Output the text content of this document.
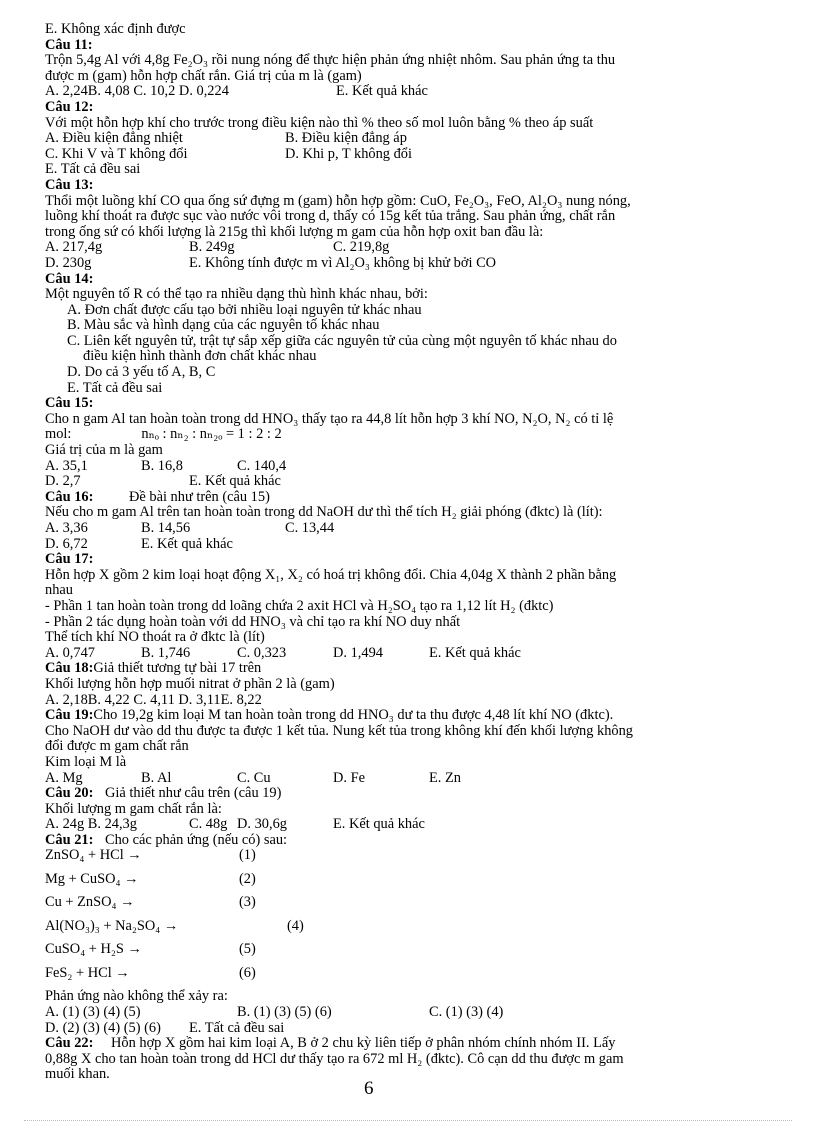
E. Không xác định được
Câu 11:
Trộn 5,4g Al với 4,8g Fe₂O₃ rồi nung nóng để thực hiện phản ứng nhiệt nhôm. Sau phản ứng ta thu
được m (gam) hỗn hợp chất rắn. Giá trị của m là (gam)
A. 2,24B. 4,08 C. 10,2 D. 0,224	E. Kết quả khác
Câu 12:
Với một hỗn hợp khí cho trước trong điều kiện nào thì % theo số mol luôn bằng % theo áp suất
A. Điều kiện đẳng nhiệt	B. Điều kiện đẳng áp
C. Khi V và T không đổi	D. Khi p, T không đổi
E. Tất cả đều sai
Câu 13:
Thổi một luồng khí CO qua ống sứ đựng m (gam) hỗn hợp gồm: CuO, Fe₂O₃, FeO, Al₂O₃ nung nóng,
luồng khí thoát ra được sục vào nước vôi trong d, thấy có 15g kết tủa trắng. Sau phản ứng, chất rắn
trong ống sứ có khối lượng là 215g thì khối lượng m gam của hỗn hợp oxit ban đầu là:
A. 217,4g	B. 249g	C. 219,8g
D. 230g	E. Không tính được m vì Al₂O₃ không bị khử bởi CO
Câu 14:
Một nguyên tố R có thể tạo ra nhiều dạng thù hình khác nhau, bởi:
A. Đơn chất được cấu tạo bởi nhiều loại nguyên tử khác nhau
B. Màu sắc và hình dạng của các nguyên tố khác nhau
C. Liên kết nguyên tử, trật tự sắp xếp giữa các nguyên tử của cùng một nguyên tố khác nhau do
điều kiện hình thành đơn chất khác nhau
D. Do cả 3 yếu tố A, B, C
E. Tất cả đều sai
Câu 15:
Cho n gam Al tan hoàn toàn trong dd HNO₃ thấy tạo ra 44,8 lít hỗn hợp 3 khí NO, N₂O, N₂ có tỉ lệ
mol:	nₙₒ : nₙ₂ : nₙ₂ₒ = 1 : 2 : 2
Giá trị của m là gam
A. 35,1	B. 16,8	C. 140,4
D. 2,7	E. Kết quả khác
Câu 16:	Đề bài như trên (câu 15)
Nếu cho m gam Al trên tan hoàn toàn trong dd NaOH dư thì thể tích H₂ giải phóng (đktc) là (lít):
A. 3,36	B. 14,56	C. 13,44
D. 6,72	E. Kết quả khác
Câu 17:
Hỗn hợp X gồm 2 kim loại hoạt động X₁, X₂ có hoá trị không đổi. Chia 4,04g X thành 2 phần bằng
nhau
- Phần 1 tan hoàn toàn trong dd loãng chứa 2 axit HCl và H₂SO₄ tạo ra 1,12 lít H₂ (đktc)
- Phần 2 tác dụng hoàn toàn với dd HNO₃ và chỉ tạo ra khí NO duy nhất
Thể tích khí NO thoát ra ở đktc là (lít)
A. 0,747	B. 1,746	C. 0,323	D. 1,494	E. Kết quả khác
Câu 18: Giả thiết tương tự bài 17 trên
Khối lượng hỗn hợp muối nitrat ở phần 2 là (gam)
A. 2,18B. 4,22 C. 4,11 D. 3,11E. 8,22
Câu 19: Cho 19,2g kim loại M tan hoàn toàn trong dd HNO₃ dư ta thu được 4,48 lít khí NO (đktc).
Cho NaOH dư vào dd thu được ta được 1 kết tủa. Nung kết tủa trong không khí đến khối lượng không
đổi được m gam chất rắn
Kim loại M là
A. Mg	B. Al	C. Cu	D. Fe	E. Zn
Câu 20: Giả thiết như câu trên (câu 19)
Khối lượng m gam chất rắn là:
A. 24g B. 24,3g	C. 48g D. 30,6g	E. Kết quả khác
Câu 21: Cho các phản ứng (nếu có) sau:
ZnSO₄ + HCl →	(1)
Mg + CuSO₄ →	(2)
Cu + ZnSO₄ →	(3)
Al(NO₃)₃ + Na₂SO₄ →	(4)
CuSO₄ + H₂S →	(5)
FeS₂ + HCl →	(6)
Phản ứng nào không thể xảy ra:
A. (1) (3) (4) (5)	B. (1) (3) (5) (6)	C. (1) (3) (4)
D. (2) (3) (4) (5) (6)	E. Tất cả đều sai
Câu 22:	Hỗn hợp X gồm hai kim loại A, B ở 2 chu kỳ liên tiếp ở phân nhóm chính nhóm II. Lấy
0,88g X cho tan hoàn toàn trong dd HCl dư thấy tạo ra 672 ml H₂ (đktc). Cô cạn dd thu được m gam
muối khan.
6
